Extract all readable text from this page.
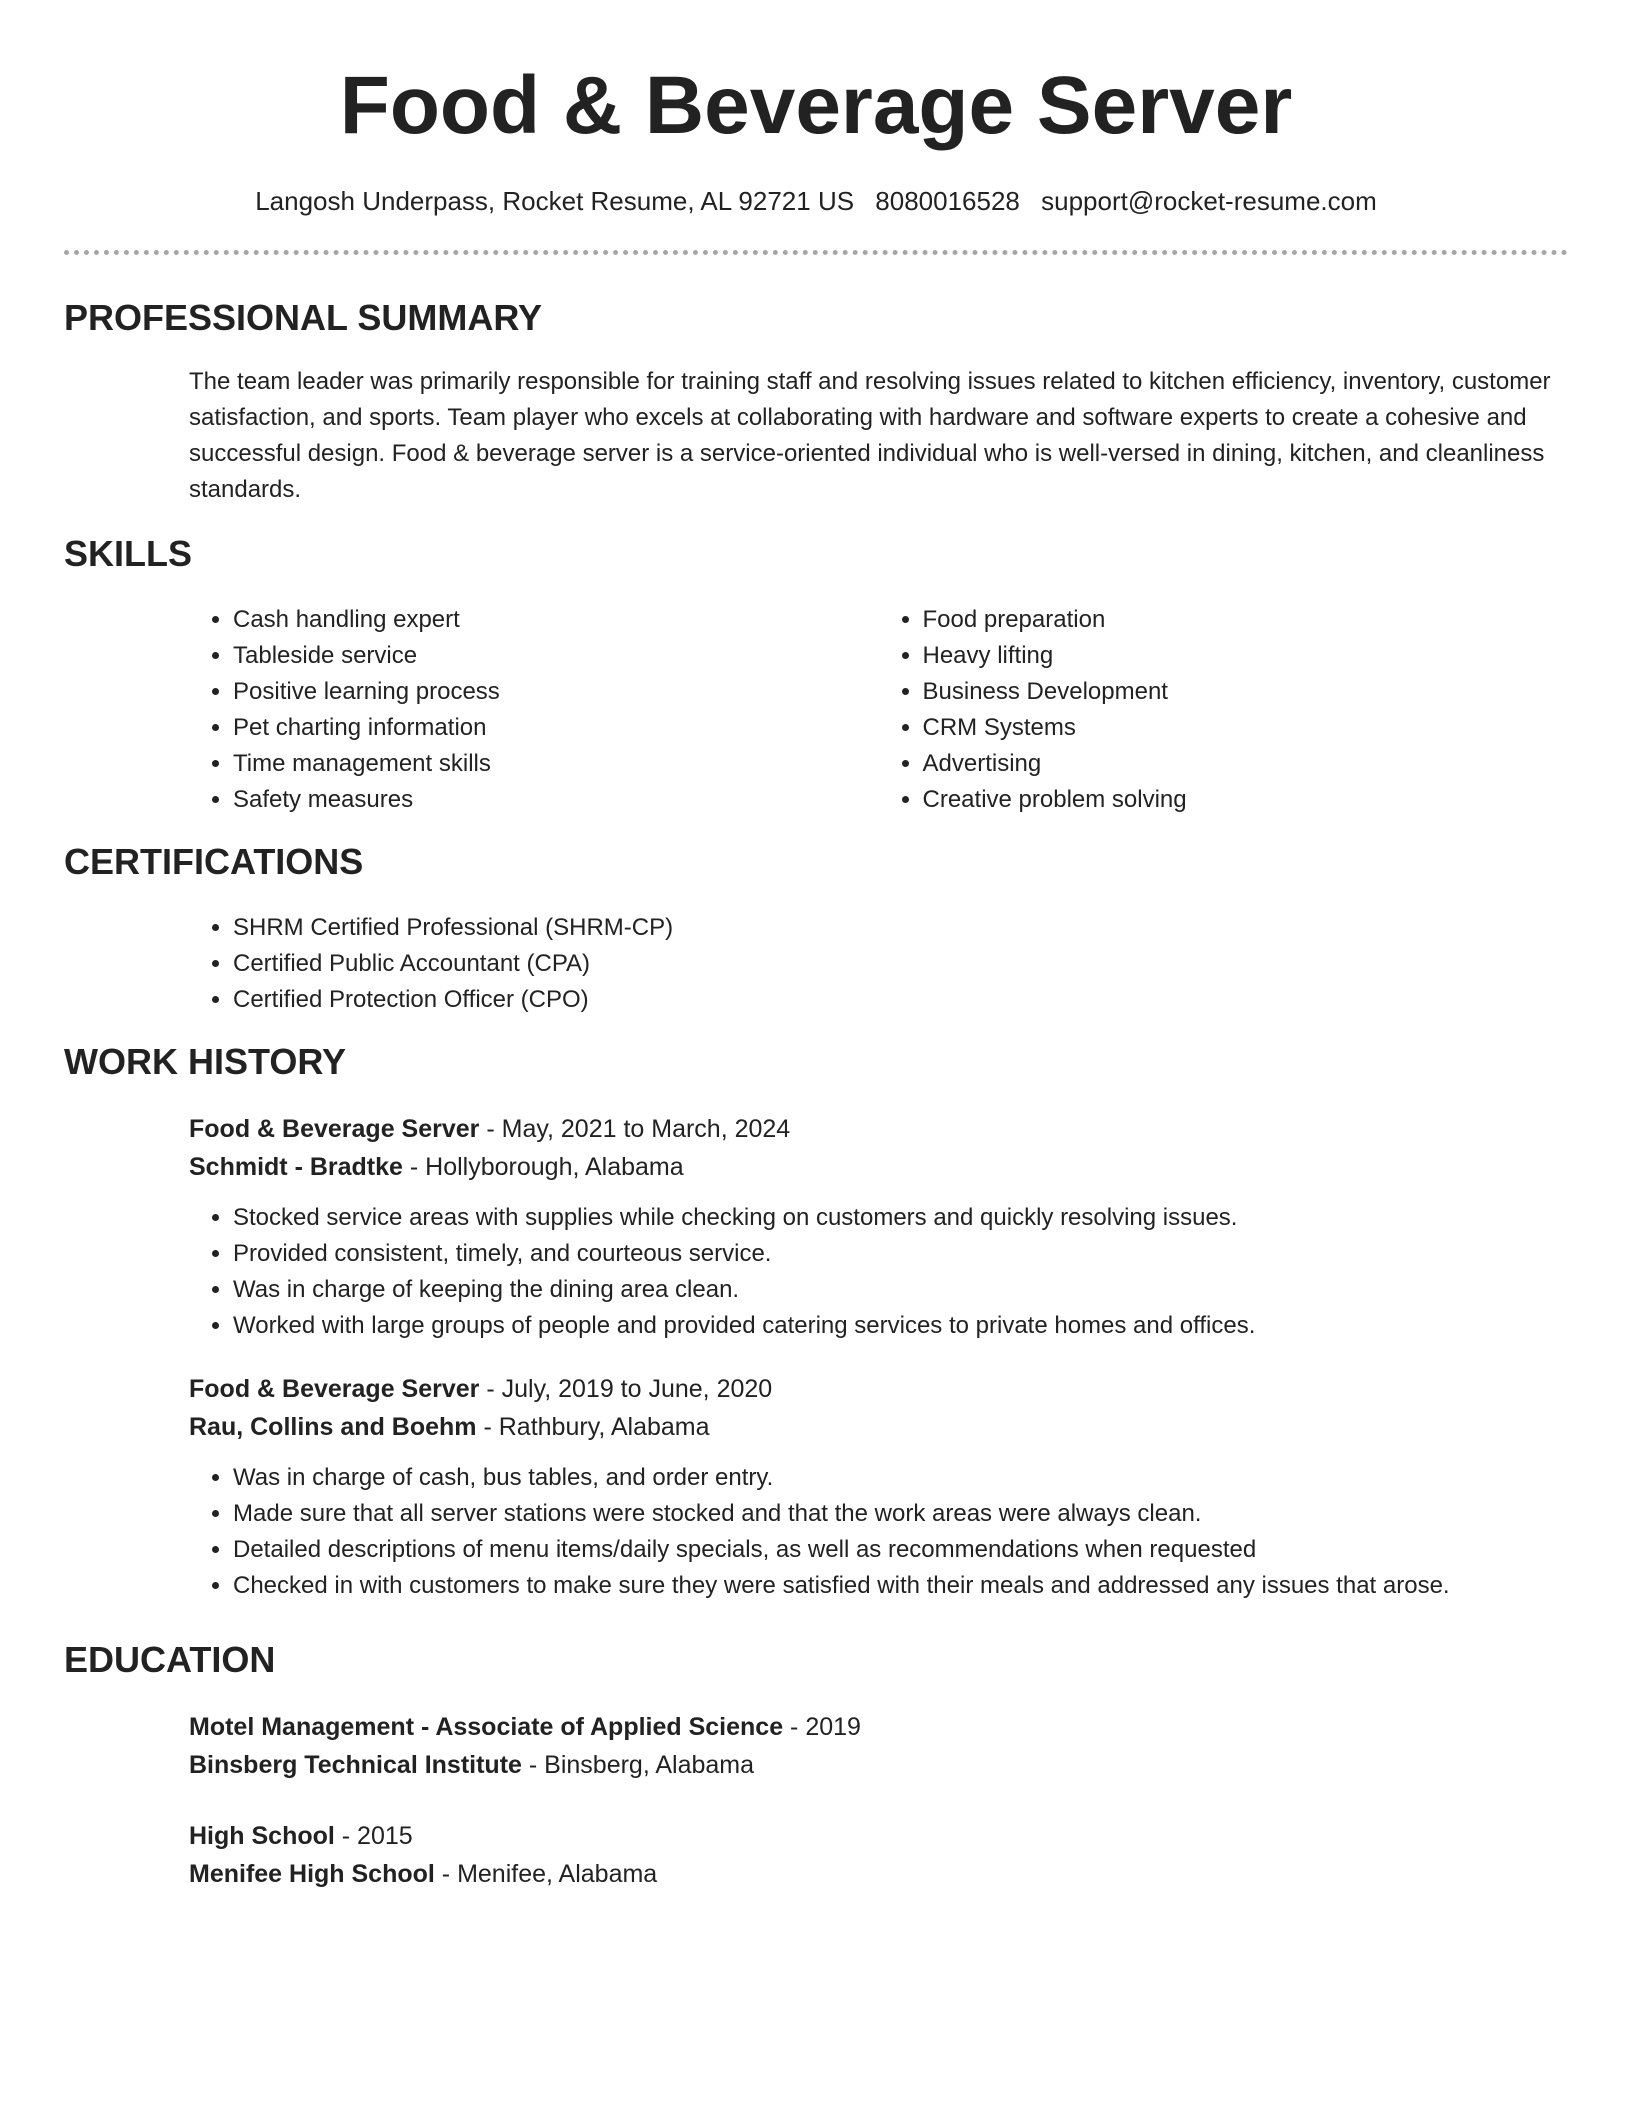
Food & Beverage Server
Langosh Underpass, Rocket Resume, AL 92721 US 8080016528 support@rocket-resume.com
PROFESSIONAL SUMMARY
The team leader was primarily responsible for training staff and resolving issues related to kitchen efficiency, inventory, customer satisfaction, and sports. Team player who excels at collaborating with hardware and software experts to create a cohesive and successful design. Food & beverage server is a service-oriented individual who is well-versed in dining, kitchen, and cleanliness standards.
SKILLS
• Cash handling expert
• Tableside service
• Positive learning process
• Pet charting information
• Time management skills
• Safety measures
• Food preparation
• Heavy lifting
• Business Development
• CRM Systems
• Advertising
• Creative problem solving
CERTIFICATIONS
• SHRM Certified Professional (SHRM-CP)
• Certified Public Accountant (CPA)
• Certified Protection Officer (CPO)
WORK HISTORY
Food & Beverage Server - May, 2021 to March, 2024
Schmidt - Bradtke - Hollyborough, Alabama
• Stocked service areas with supplies while checking on customers and quickly resolving issues.
• Provided consistent, timely, and courteous service.
• Was in charge of keeping the dining area clean.
• Worked with large groups of people and provided catering services to private homes and offices.
Food & Beverage Server - July, 2019 to June, 2020
Rau, Collins and Boehm - Rathbury, Alabama
• Was in charge of cash, bus tables, and order entry.
• Made sure that all server stations were stocked and that the work areas were always clean.
• Detailed descriptions of menu items/daily specials, as well as recommendations when requested
• Checked in with customers to make sure they were satisfied with their meals and addressed any issues that arose.
EDUCATION
Motel Management - Associate of Applied Science - 2019
Binsberg Technical Institute - Binsberg, Alabama
High School - 2015
Menifee High School - Menifee, Alabama
